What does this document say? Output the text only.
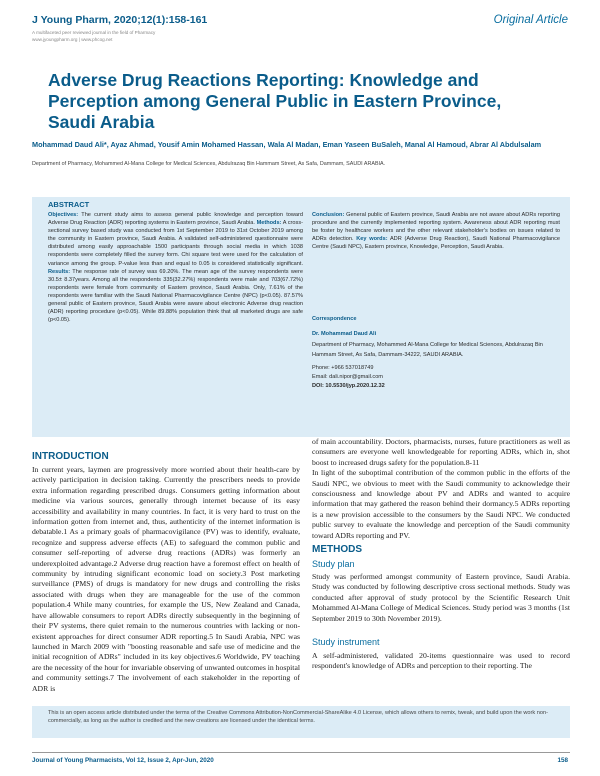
J Young Pharm, 2020;12(1):158-161
A multifaceted peer reviewed journal in the field of Pharmacy
www.jyoungpharm.org | www.phcog.net
Original Article
Adverse Drug Reactions Reporting: Knowledge and Perception among General Public in Eastern Province, Saudi Arabia
Mohammad Daud Ali*, Ayaz Ahmad, Yousif Amin Mohamed Hassan, Wala Al Madan, Eman Yaseen BuSaleh, Manal Al Hamoud, Abrar Al Abdulsalam
Department of Pharmacy, Mohammed Al-Mana College for Medical Sciences, Abdulrazaq Bin Hammam Street, As Safa, Dammam, SAUDI ARABIA.
ABSTRACT
Objectives: The current study aims to assess general public knowledge and perception toward Adverse Drug Reaction (ADR) reporting systems in Eastern province, Saudi Arabia. Methods: A cross-sectional survey based study was conducted from 1st September 2019 to 31st October 2019 among the community in Eastern province, Saudi Arabia. A validated self-administered questionnaire were distributed among easily approachable 1500 participants through social media in which 1038 respondents were completely filled the survey form. Chi square test were used for the calculation of variance among the group. P-value less than and equal to 0.05 is considered statistically significant. Results: The response rate of survey was 69.20%. The mean age of the survey respondents were 30.5± 8.37years. Among all the respondents 335(32.27%) respondents were male and 703(67.72%) respondents were female from community of Eastern province, Saudi Arabia. Only, 7.61% of the respondents were familiar with the Saudi National Pharmacovigilance Centre (NPC) (p<0.05). 87.57% general public of Eastern province, Saudi Arabia were aware about electronic Adverse drug reaction (ADR) reporting procedure (p<0.05). While 89.88% population think that all marketed drugs are safe (p<0.05).
Conclusion: General public of Eastern province, Saudi Arabia are not aware about ADRs reporting procedure and the currently implemented reporting system. Awareness about ADR reporting must be foster by healthcare workers and the other relevant stakeholder's bodies on issues related to ADRs detection. Key words: ADR (Adverse Drug Reaction), Saudi National Pharmacovigilance Centre (Saudi NPC), Eastern province, Knowledge, Perception, Saudi Arabia.
Correspondence
Dr. Mohammad Daud Ali
Department of Pharmacy, Mohammed Al-Mana College for Medical Sciences, Abdulrazaq Bin Hammam Street, As Safa, Dammam-34222, SAUDI ARABIA.
Phone: +966 537018749
Email: dali.nipor@gmail.com
DOI: 10.5530/jyp.2020.12.32
INTRODUCTION
In current years, laymen are progressively more worried about their health-care by actively participation in decision taking. Currently the prescribers needs to provide extra information regarding prescribed drugs. Consumers getting information about medicine via various sources, generally through internet because of its easy accessibility and availability in many countries. In fact, it is very hard to trust on the information gotten from internet and, thus, authenticity of the internet information is debatable.1 As a primary goals of pharmacovigilance (PV) was to identify, evaluate, recognize and suppress adverse effects (AE) to safeguard the common public and consumer self-reporting of adverse drug reactions (ADRs) was formerly an underexploited advantage.2 Adverse drug reaction have a foremost effect on health of community by intruding significant economic load on society.3 Post marketing surveillance (PMS) of drugs is mandatory for new drugs and controlling the risks associated with drugs when they are manageable for the use of the common population.4 While many countries, for example the US, New Zealand and Canada, have allowable consumers to report ADRs directly subsequently in the beginning of their PV systems, there quiet remain to the numerous countries with lacking or non-existent approaches for direct consumer ADR reporting.5 In Saudi Arabia, NPC was launched in March 2009 with "boosting reasonable and safe use of medicine and the initial recognition of ADRs" included in its key objectives.6 Worldwide, PV teaching are the necessity of the hour for invariable observing of unwanted outcomes in hospital and community settings.7 The involvement of each stakeholder in the reporting of ADR is

of main accountability. Doctors, pharmacists, nurses, future practitioners as well as consumers are everyone well knowledgeable for reporting ADRs, which in, shot boost to increased drugs safety for the population.8-11

In light of the suboptimal contribution of the common public in the efforts of the Saudi NPC, we obvious to meet with the Saudi community to acknowledge their consciousness and knowledge about PV and ADRs and wanted to acquire information that may gathered the reason behind their dormancy.5 ADRs reporting is a new provision accessible to the consumers by the Saudi NPC. We conducted public survey to evaluate the knowledge and perception of the Saudi community toward ADRs reporting and PV.

METHODS
Study plan
Study was performed amongst community of Eastern province, Saudi Arabia. Study was conducted by following descriptive cross sectional methods. Study was conducted after approval of study protocol by the Scientific Research Unit Mohammed Al-Mana College of Medical Sciences. Study period was 3 months (1st September 2019 to 30th November 2019).
Study instrument
A self-administered, validated 20-items questionnaire was used to record respondent's knowledge of ADRs and perception to their reporting. The
This is an open access article distributed under the terms of the Creative Commons Attribution-NonCommercial-ShareAlike 4.0 License, which allows others to remix, tweak, and build upon the work non-commercially, as long as the author is credited and the new creations are licensed under the identical terms.
Journal of Young Pharmacists, Vol 12, Issue 2, Apr-Jun, 2020	158
